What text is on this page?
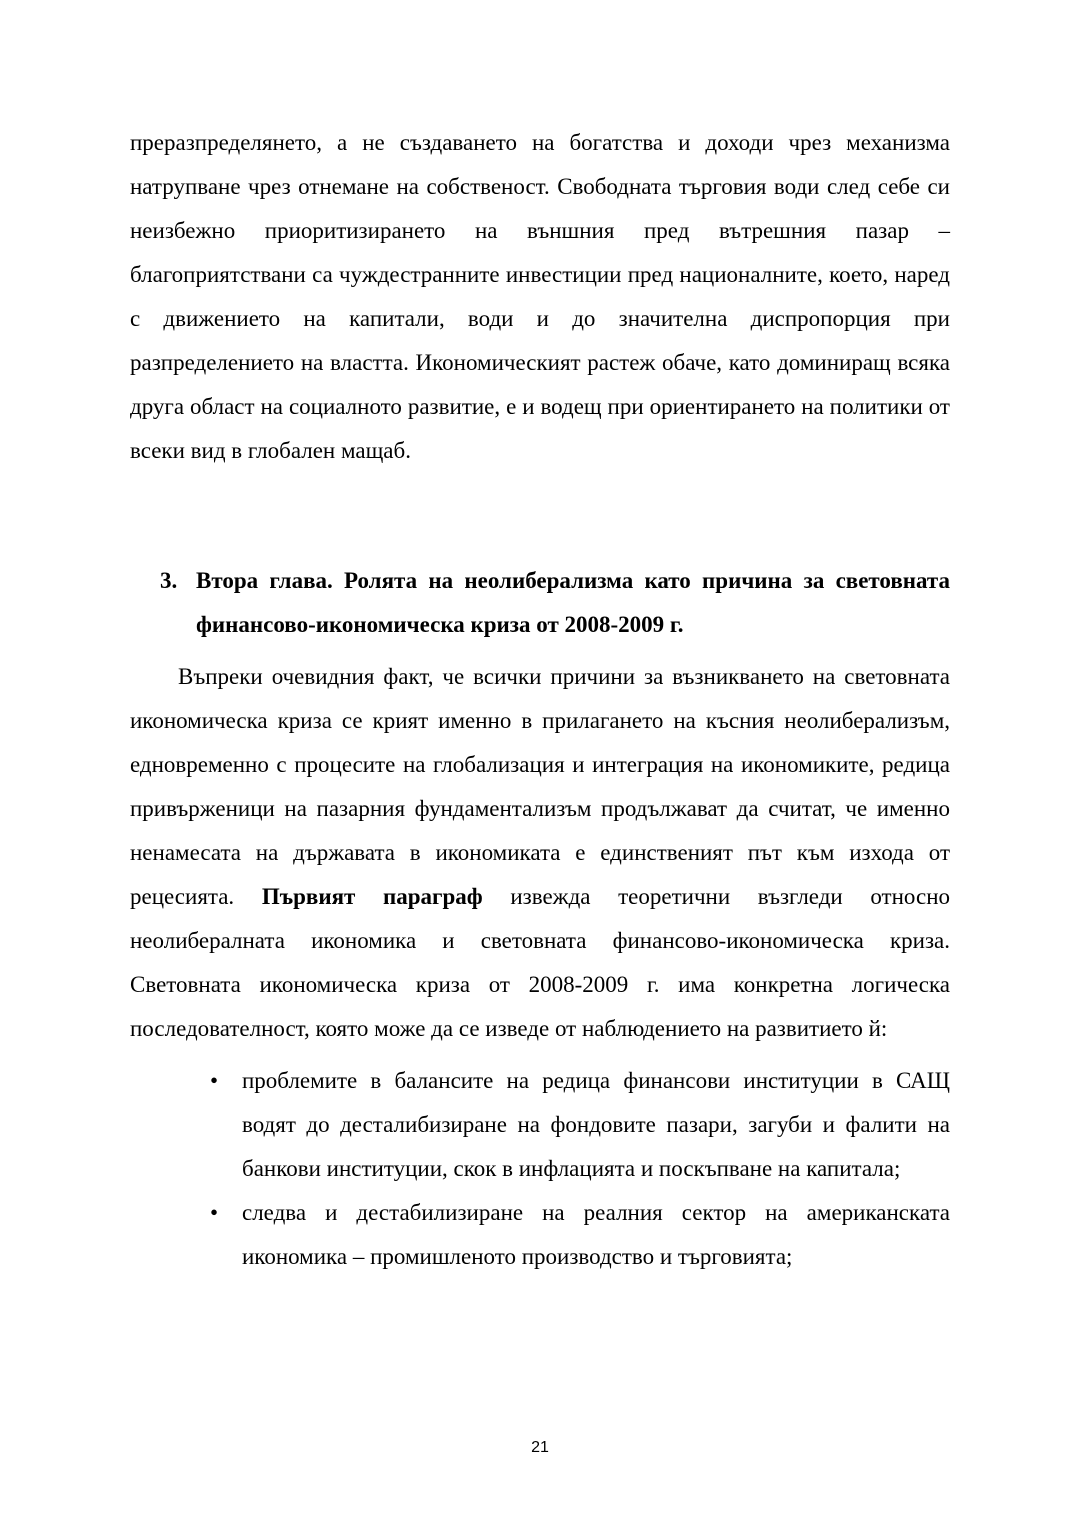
преразпределянето, а не създаването на богатства и доходи чрез механизма натрупване чрез отнемане на собственост. Свободната търговия води след себе си неизбежно приоритизирането на външния пред вътрешния пазар – благоприятствани са чуждестранните инвестиции пред националните, което, наред с движението на капитали, води и до значителна диспропорция при разпределението на властта. Икономическият растеж обаче, като доминиращ всяка друга област на социалното развитие, е и водещ при ориентирането на политики от всеки вид в глобален мащаб.

3. Втора глава. Ролята на неолиберализма като причина за световната финансово-икономическа криза от 2008-2009 г.

Въпреки очевидния факт, че всички причини за възникването на световната икономическа криза се крият именно в прилагането на късния неолиберализъм, едновременно с процесите на глобализация и интеграция на икономиките, редица привърженици на пазарния фундаментализъм продължават да считат, че именно ненамесата на държавата в икономиката е единственият път към изхода от рецесията. Първият параграф извежда теоретични възгледи относно неолибералната икономика и световната финансово-икономическа криза. Световната икономическа криза от 2008-2009 г. има конкретна логическа последователност, която може да се изведе от наблюдението на развитието й:

•	проблемите в балансите на редица финансови институции в САЩ водят до десталибизиране на фондовите пазари, загуби и фалити на банкови институции, скок в инфлацията и поскъпване на капитала;
•	следва и дестабилизиране на реалния сектор на американската икономика – промишленото производство и търговията;
21
